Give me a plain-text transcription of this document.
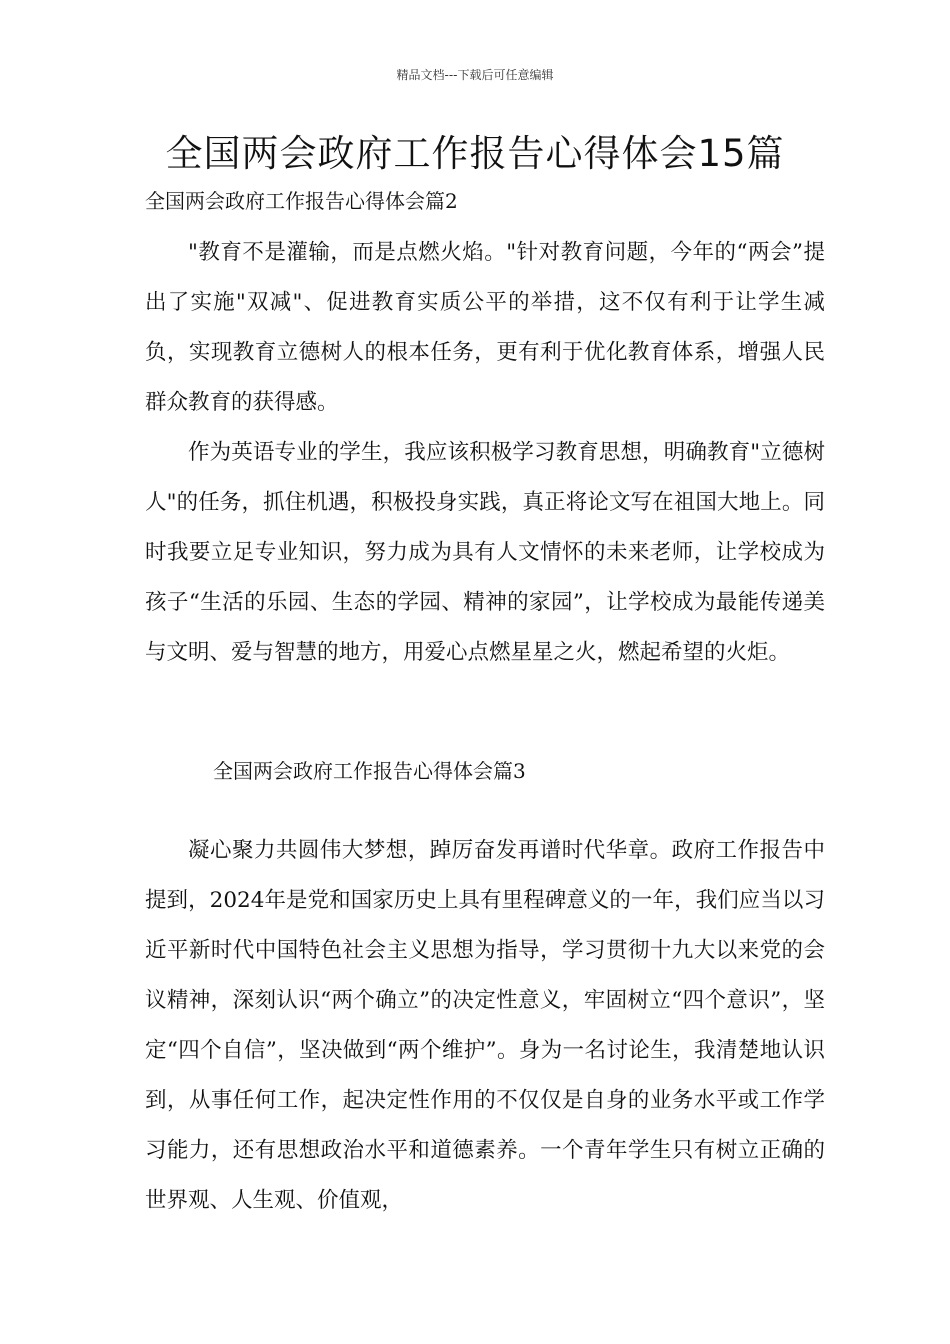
精品文档---下载后可任意编辑
全国两会政府工作报告心得体会15篇
全国两会政府工作报告心得体会篇2

"教育不是灌输，而是点燃火焰。"针对教育问题，今年的“两会”提出了实施"双减"、促进教育实质公平的举措，这不仅有利于让学生减负，实现教育立德树人的根本任务，更有利于优化教育体系，增强人民群众教育的获得感。

作为英语专业的学生，我应该积极学习教育思想，明确教育"立德树人"的任务，抓住机遇，积极投身实践，真正将论文写在祖国大地上。同时我要立足专业知识，努力成为具有人文情怀的未来老师，让学校成为孩子“生活的乐园、生态的学园、精神的家园”，让学校成为最能传递美与文明、爱与智慧的地方，用爱心点燃星星之火，燃起希望的火炬。

全国两会政府工作报告心得体会篇3

凝心聚力共圆伟大梦想，踔厉奋发再谱时代华章。政府工作报告中提到，2024年是党和国家历史上具有里程碑意义的一年，我们应当以习近平新时代中国特色社会主义思想为指导，学习贯彻十九大以来党的会议精神，深刻认识“两个确立”的决定性意义，牢固树立“四个意识”，坚定“四个自信”，坚决做到“两个维护”。身为一名讨论生，我清楚地认识到，从事任何工作，起决定性作用的不仅仅是自身的业务水平或工作学习能力，还有思想政治水平和道德素养。一个青年学生只有树立正确的世界观、人生观、价值观，
